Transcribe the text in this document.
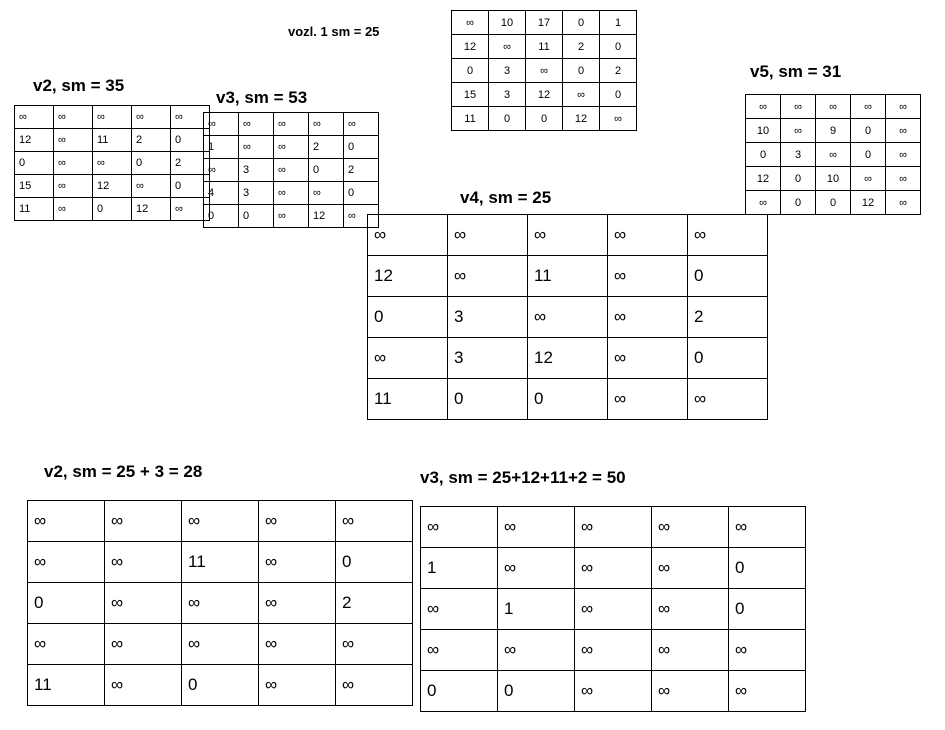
vozl. 1 sm = 25
∞	10	17	0	1
12	∞	11	2	0
0	3	∞	0	2
15	3	12	∞	0
11	0	0	12	∞
v2, sm = 35
∞	∞	∞	∞	∞
12	∞	11	2	0
0	∞	∞	0	2
15	∞	12	∞	0
11	∞	0	12	∞
v3, sm = 53
∞	∞	∞	∞	∞
1	∞	∞	2	0
∞	3	∞	0	2
4	3	∞	∞	0
0	0	∞	12	∞
v5, sm = 31
∞	∞	∞	∞	∞
10	∞	9	0	∞
0	3	∞	0	∞
12	0	10	∞	∞
∞	0	0	12	∞
v4, sm = 25
∞	∞	∞	∞	∞
12	∞	11	∞	0
0	3	∞	∞	2
∞	3	12	∞	0
11	0	0	∞	∞
v2, sm = 25 + 3 = 28
∞	∞	∞	∞	∞
∞	∞	11	∞	0
0	∞	∞	∞	2
∞	∞	∞	∞	∞
11	∞	0	∞	∞
v3, sm = 25+12+11+2 = 50
∞	∞	∞	∞	∞
1	∞	∞	∞	0
∞	1	∞	∞	0
∞	∞	∞	∞	∞
0	0	∞	∞	∞
